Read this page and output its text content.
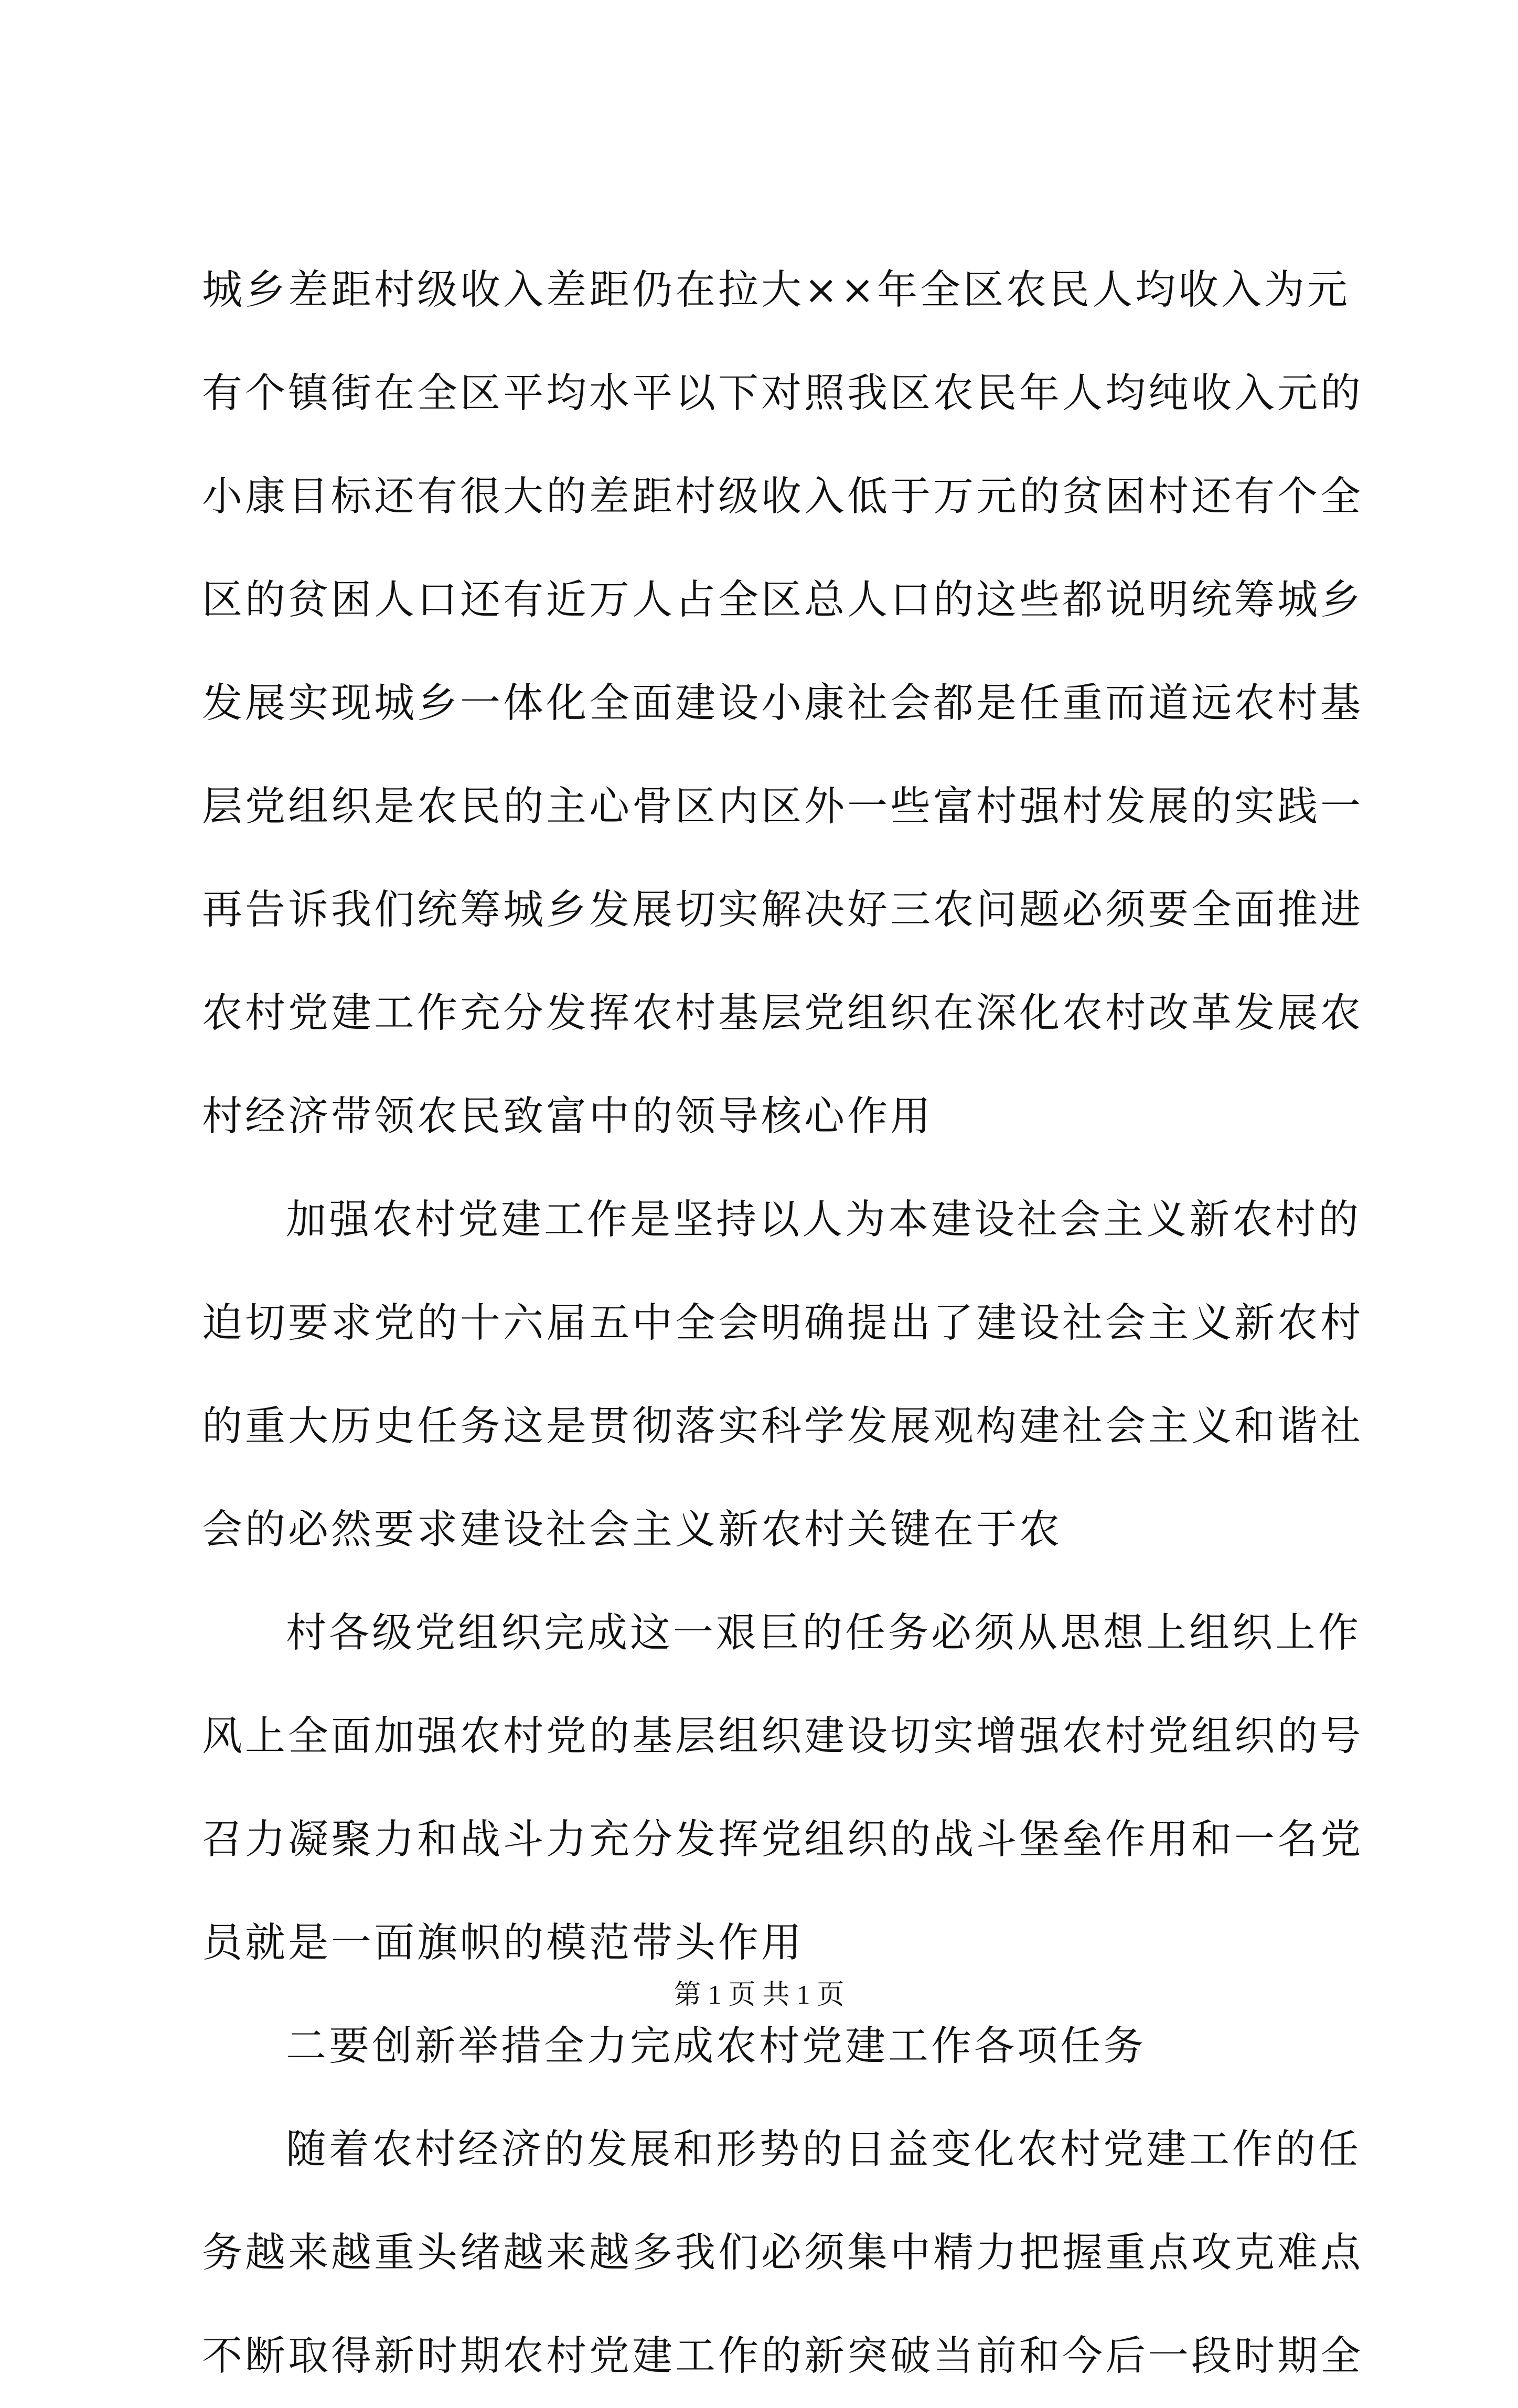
城乡差距村级收入差距仍在拉大××年全区农民人均收入为元
有个镇街在全区平均水平以下对照我区农民年人均纯收入元的
小康目标还有很大的差距村级收入低于万元的贫困村还有个全
区的贫困人口还有近万人占全区总人口的这些都说明统筹城乡
发展实现城乡一体化全面建设小康社会都是任重而道远农村基
层党组织是农民的主心骨区内区外一些富村强村发展的实践一
再告诉我们统筹城乡发展切实解决好三农问题必须要全面推进
农村党建工作充分发挥农村基层党组织在深化农村改革发展农
村经济带领农民致富中的领导核心作用
加强农村党建工作是坚持以人为本建设社会主义新农村的
迫切要求党的十六届五中全会明确提出了建设社会主义新农村
的重大历史任务这是贯彻落实科学发展观构建社会主义和谐社
会的必然要求建设社会主义新农村关键在于农
村各级党组织完成这一艰巨的任务必须从思想上组织上作
风上全面加强农村党的基层组织建设切实增强农村党组织的号
召力凝聚力和战斗力充分发挥党组织的战斗堡垒作用和一名党
员就是一面旗帜的模范带头作用
二要创新举措全力完成农村党建工作各项任务
随着农村经济的发展和形势的日益变化农村党建工作的任
务越来越重头绪越来越多我们必须集中精力把握重点攻克难点
不断取得新时期农村党建工作的新突破当前和今后一段时期全
第 1 页 共 1 页
